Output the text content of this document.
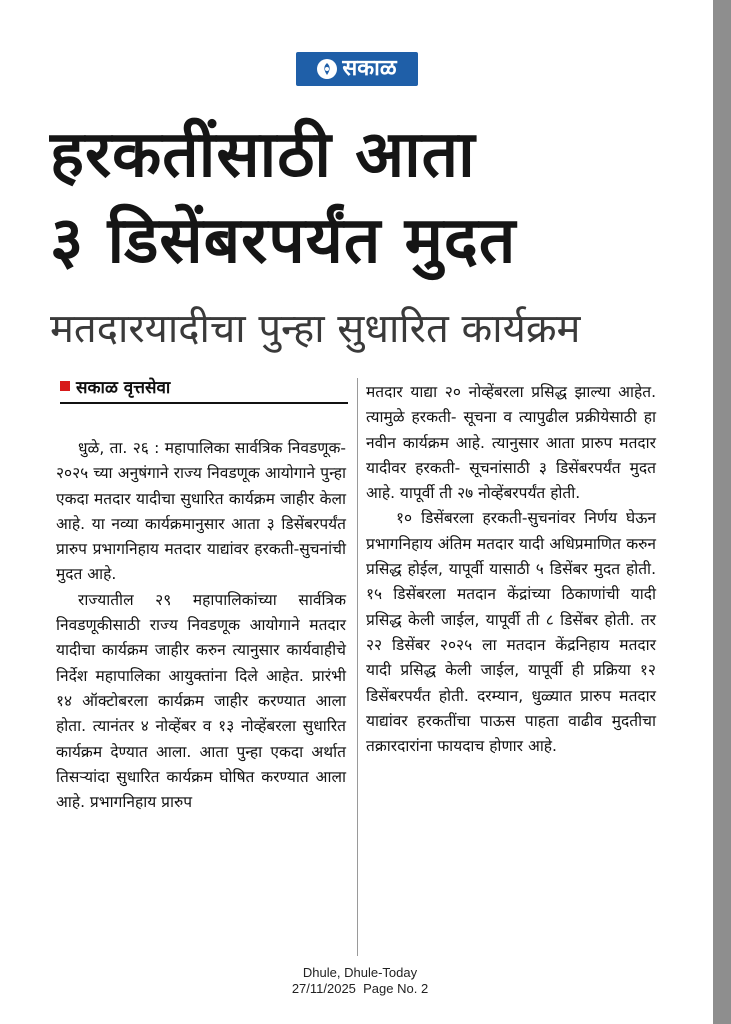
सकाळ
हरकतींसाठी आता
३ डिसेंबरपर्यंत मुदत
मतदारयादीचा पुन्हा सुधारित कार्यक्रम
सकाळ वृत्तसेवा

धुळे, ता. २६ : महापालिका सार्वत्रिक निवडणूक- २०२५ च्या अनुषंगाने राज्य निवडणूक आयोगाने पुन्हा एकदा मतदार यादीचा सुधारित कार्यक्रम जाहीर केला आहे. या नव्या कार्यक्रमानुसार आता ३ डिसेंबरपर्यंत प्रारुप प्रभागनिहाय मतदार याद्यांवर हरकती-सुचनांची मुदत आहे.

राज्यातील २९ महापालिकांच्या सार्वत्रिक निवडणूकीसाठी राज्य निवडणूक आयोगाने मतदार यादीचा कार्यक्रम जाहीर करुन त्यानुसार कार्यवाहीचे निर्देश महापालिका आयुक्तांना दिले आहेत. प्रारंभी १४ ऑक्टोबरला कार्यक्रम जाहीर करण्यात आला होता. त्यानंतर ४ नोव्हेंबर व १३ नोव्हेंबरला सुधारित कार्यक्रम देण्यात आला. आता पुन्हा एकदा अर्थात तिसऱ्यांदा सुधारित कार्यक्रम घोषित करण्यात आला आहे. प्रभागनिहाय प्रारुप

मतदार याद्या २० नोव्हेंबरला प्रसिद्ध झाल्या आहेत. त्यामुळे हरकती- सूचना व त्यापुढील प्रक्रीयेसाठी हा नवीन कार्यक्रम आहे. त्यानुसार आता प्रारुप मतदार यादीवर हरकती- सूचनांसाठी ३ डिसेंबरपर्यंत मुदत आहे. यापूर्वी ती २७ नोव्हेंबरपर्यंत होती.

१० डिसेंबरला हरकती-सुचनांवर निर्णय घेऊन प्रभागनिहाय अंतिम मतदार यादी अधिप्रमाणित करुन प्रसिद्ध होईल, यापूर्वी यासाठी ५ डिसेंबर मुदत होती. १५ डिसेंबरला मतदान केंद्रांच्या ठिकाणांची यादी प्रसिद्ध केली जाईल, यापूर्वी ती ८ डिसेंबर होती. तर २२ डिसेंबर २०२५ ला मतदान केंद्रनिहाय मतदार यादी प्रसिद्ध केली जाईल, यापूर्वी ही प्रक्रिया १२ डिसेंबरपर्यंत होती. दरम्यान, धुळ्यात प्रारुप मतदार याद्यांवर हरकतींचा पाऊस पाहता वाढीव मुदतीचा तक्रारदारांना फायदाच होणार आहे.

Dhule, Dhule-Today
27/11/2025  Page No. 2
